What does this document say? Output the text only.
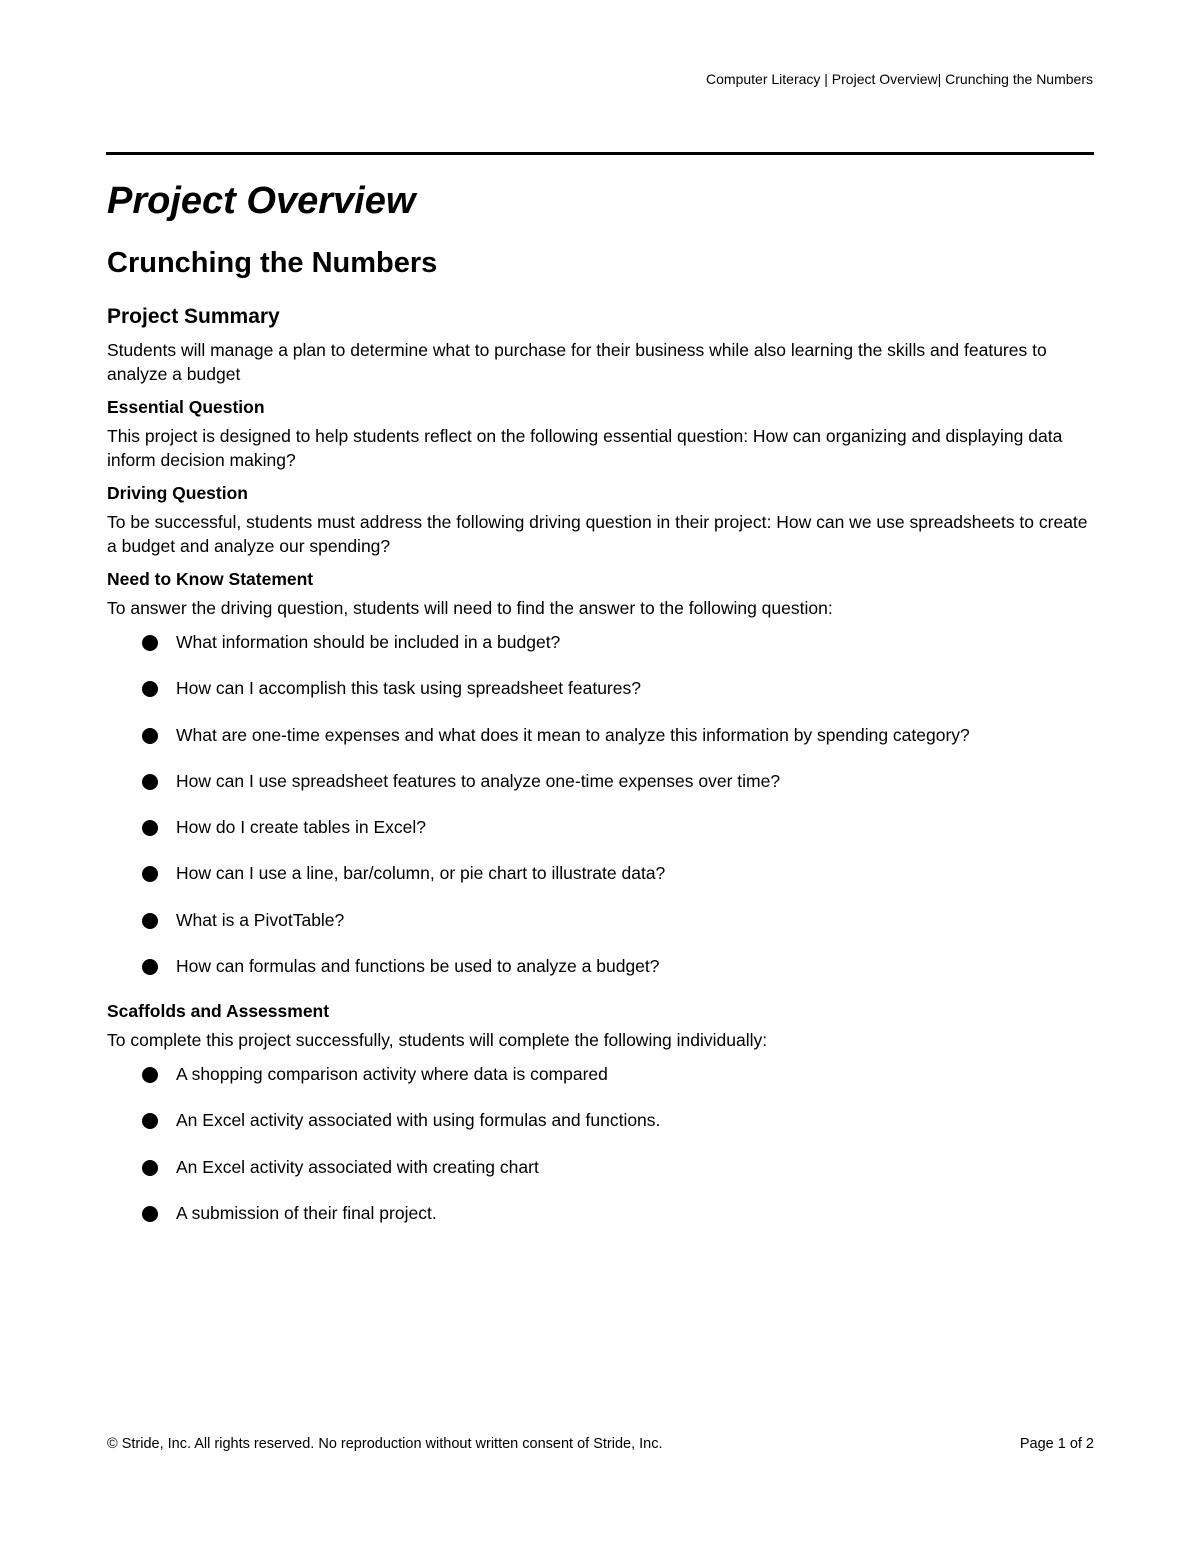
Computer Literacy | Project Overview| Crunching the Numbers
Project Overview
Crunching the Numbers
Project Summary

Students will manage a plan to determine what to purchase for their business while also learning the skills and features to analyze a budget

Essential Question

This project is designed to help students reflect on the following essential question: How can organizing and displaying data inform decision making?

Driving Question

To be successful, students must address the following driving question in their project: How can we use spreadsheets to create a budget and analyze our spending?

Need to Know Statement

To answer the driving question, students will need to find the answer to the following question:

What information should be included in a budget?
How can I accomplish this task using spreadsheet features?
What are one-time expenses and what does it mean to analyze this information by spending category?
How can I use spreadsheet features to analyze one-time expenses over time?
How do I create tables in Excel?
How can I use a line, bar/column, or pie chart to illustrate data?
What is a PivotTable?
How can formulas and functions be used to analyze a budget?
Scaffolds and Assessment

To complete this project successfully, students will complete the following individually:

A shopping comparison activity where data is compared
An Excel activity associated with using formulas and functions.
An Excel activity associated with creating chart
A submission of their final project.
© Stride, Inc. All rights reserved. No reproduction without written consent of Stride, Inc.	Page 1 of 2
